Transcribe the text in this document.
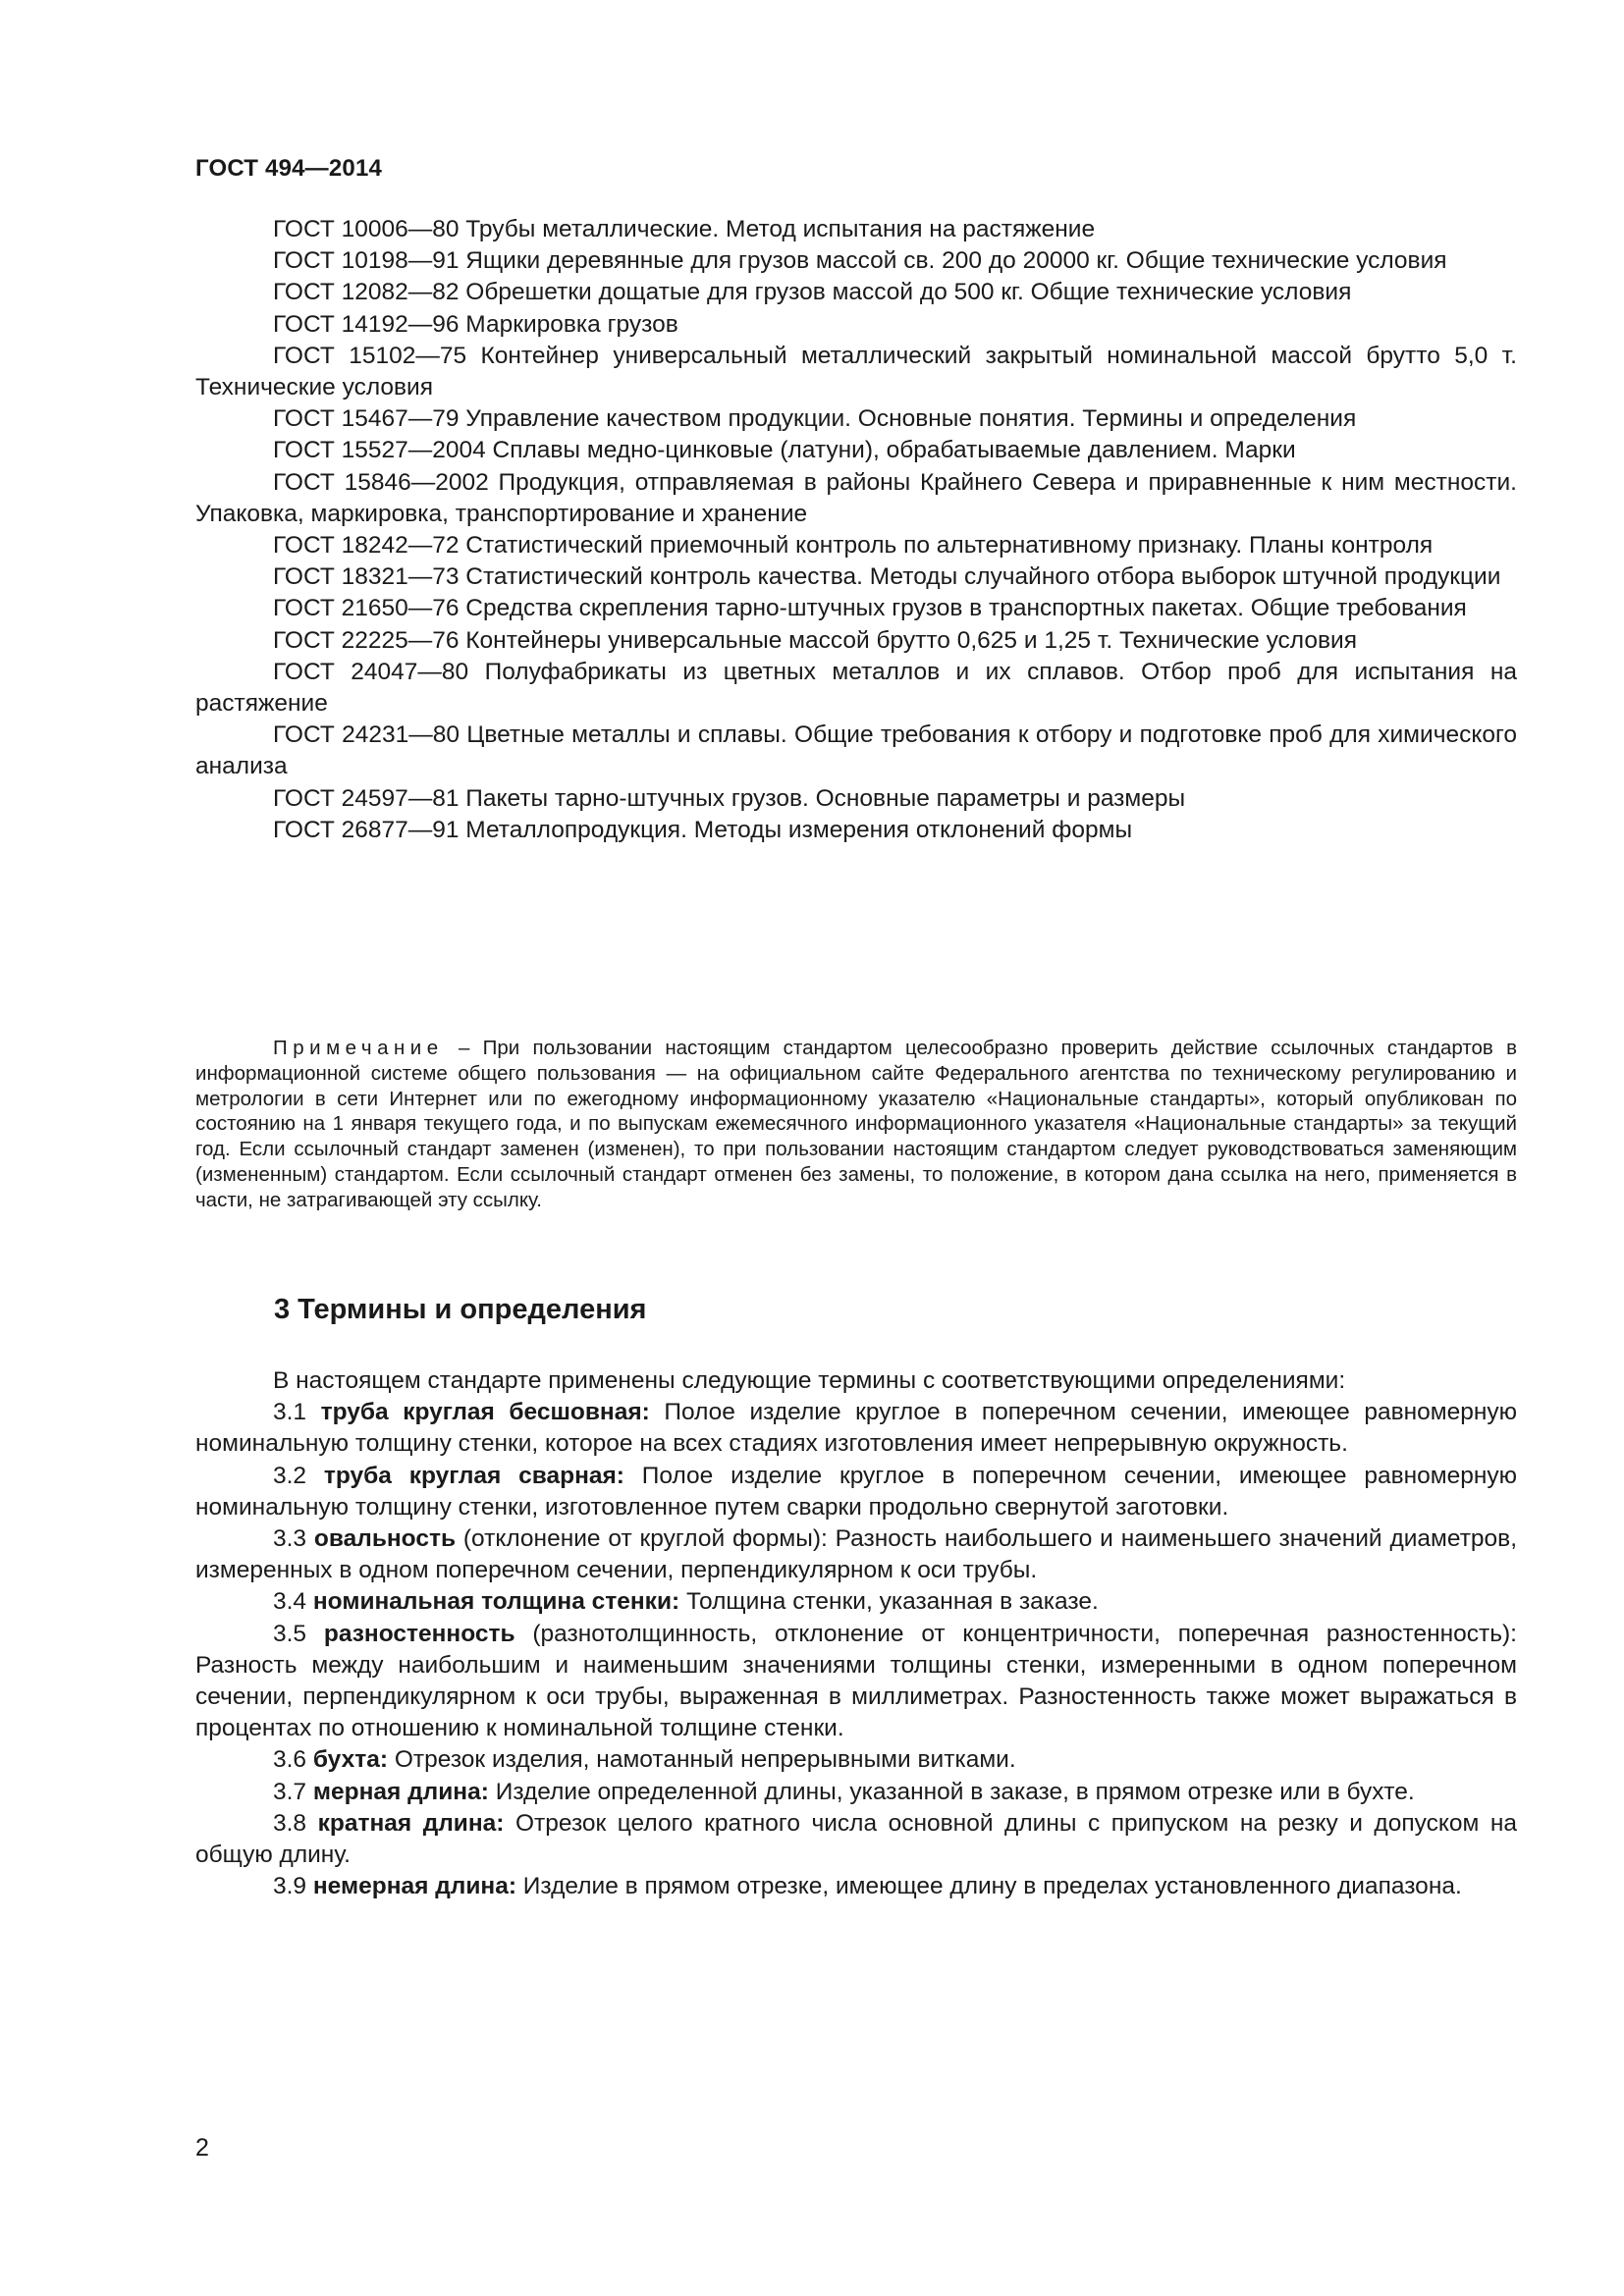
ГОСТ 494—2014

ГОСТ 10006—80 Трубы металлические. Метод испытания на растяжение

ГОСТ 10198—91 Ящики деревянные для грузов массой св. 200 до 20000 кг. Общие технические условия

ГОСТ 12082—82 Обрешетки дощатые для грузов массой до 500 кг. Общие технические условия

ГОСТ 14192—96 Маркировка грузов

ГОСТ 15102—75 Контейнер универсальный металлический закрытый номинальной массой брутто 5,0 т. Технические условия

ГОСТ 15467—79 Управление качеством продукции. Основные понятия. Термины и определения

ГОСТ 15527—2004 Сплавы медно-цинковые (латуни), обрабатываемые давлением. Марки

ГОСТ 15846—2002 Продукция, отправляемая в районы Крайнего Севера и приравненные к ним местности. Упаковка, маркировка, транспортирование и хранение

ГОСТ 18242—72 Статистический приемочный контроль по альтернативному признаку. Планы контроля

ГОСТ 18321—73 Статистический контроль качества. Методы случайного отбора выборок штучной продукции

ГОСТ 21650—76 Средства скрепления тарно-штучных грузов в транспортных пакетах. Общие требования

ГОСТ 22225—76 Контейнеры универсальные массой брутто 0,625 и 1,25 т. Технические условия

ГОСТ 24047—80 Полуфабрикаты из цветных металлов и их сплавов. Отбор проб для испытания на растяжение

ГОСТ 24231—80 Цветные металлы и сплавы. Общие требования к отбору и подготовке проб для химического анализа

ГОСТ 24597—81 Пакеты тарно-штучных грузов. Основные параметры и размеры

ГОСТ 26877—91 Металлопродукция. Методы измерения отклонений формы

Примечание – При пользовании настоящим стандартом целесообразно проверить действие ссылочных стандартов в информационной системе общего пользования — на официальном сайте Федерального агентства по техническому регулированию и метрологии в сети Интернет или по ежегодному информационному указателю «Национальные стандарты», который опубликован по состоянию на 1 января текущего года, и по выпускам ежемесячного информационного указателя «Национальные стандарты» за текущий год. Если ссылочный стандарт заменен (изменен), то при пользовании настоящим стандартом следует руководствоваться заменяющим (измененным) стандартом. Если ссылочный стандарт отменен без замены, то положение, в котором дана ссылка на него, применяется в части, не затрагивающей эту ссылку.

3 Термины и определения

В настоящем стандарте применены следующие термины с соответствующими определениями:

3.1 труба круглая бесшовная: Полое изделие круглое в поперечном сечении, имеющее равномерную номинальную толщину стенки, которое на всех стадиях изготовления имеет непрерывную окружность.

3.2 труба круглая сварная: Полое изделие круглое в поперечном сечении, имеющее равномерную номинальную толщину стенки, изготовленное путем сварки продольно свернутой заготовки.

3.3 овальность (отклонение от круглой формы): Разность наибольшего и наименьшего значений диаметров, измеренных в одном поперечном сечении, перпендикулярном к оси трубы.

3.4 номинальная толщина стенки: Толщина стенки, указанная в заказе.

3.5 разностенность (разнотолщинность, отклонение от концентричности, поперечная разностенность): Разность между наибольшим и наименьшим значениями толщины стенки, измеренными в одном поперечном сечении, перпендикулярном к оси трубы, выраженная в миллиметрах. Разностенность также может выражаться в процентах по отношению к номинальной толщине стенки.

3.6 бухта: Отрезок изделия, намотанный непрерывными витками.

3.7 мерная длина: Изделие определенной длины, указанной в заказе, в прямом отрезке или в бухте.

3.8 кратная длина: Отрезок целого кратного числа основной длины с припуском на резку и допуском на общую длину.

3.9 немерная длина: Изделие в прямом отрезке, имеющее длину в пределах установленного диапазона.

2
